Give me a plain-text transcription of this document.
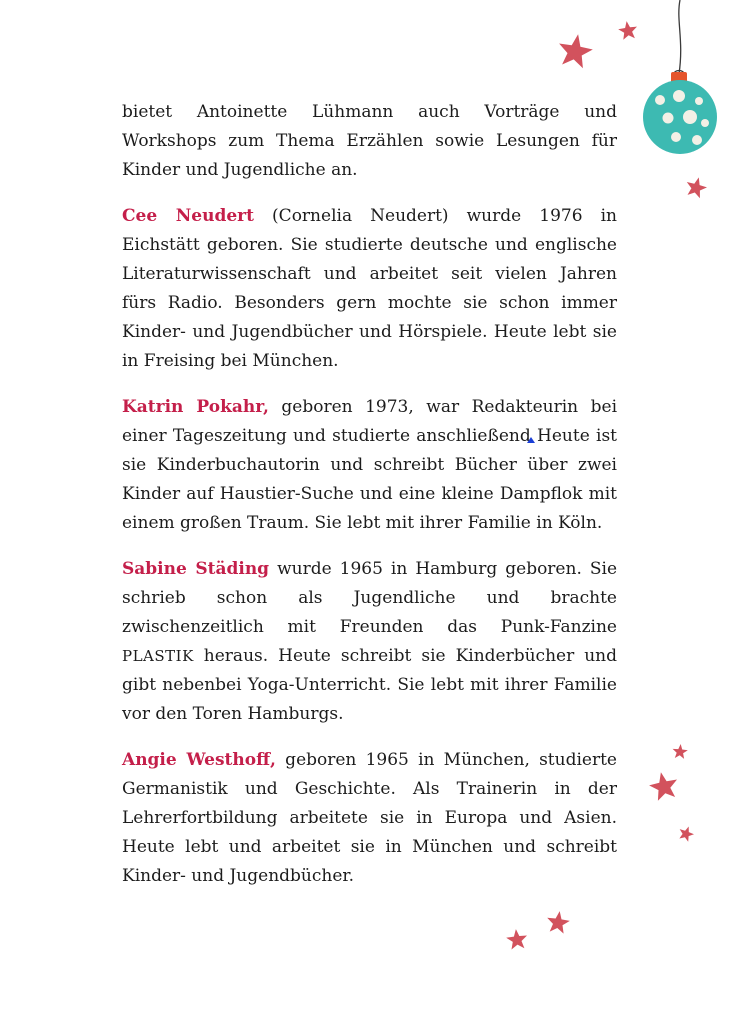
bietet Antoinette Lühmann auch Vorträge und Workshops zum Thema Erzählen sowie Lesungen für Kinder und Jugendliche an.

Cee Neudert (Cornelia Neudert) wurde 1976 in Eichstätt geboren. Sie studierte deutsche und englische Literaturwissenschaft und arbeitet seit vielen Jahren fürs Radio. Besonders gern mochte sie schon immer Kinder- und Jugendbücher und Hörspiele. Heute lebt sie in Freising bei München.

Katrin Pokahr, geboren 1973, war Redakteurin bei einer Tageszeitung und studierte anschließend Heute ist sie Kinderbuchautorin und schreibt Bücher über zwei Kinder auf Haustier-Suche und eine kleine Dampflok mit einem großen Traum. Sie lebt mit ihrer Familie in Köln.

Sabine Städing wurde 1965 in Hamburg geboren. Sie schrieb schon als Jugendliche und brachte zwischenzeitlich mit Freunden das Punk-Fanzine PLASTIK heraus. Heute schreibt sie Kinderbücher und gibt nebenbei Yoga-Unterricht. Sie lebt mit ihrer Familie vor den Toren Hamburgs.

Angie Westhoff, geboren 1965 in München, studierte Germanistik und Geschichte. Als Trainerin in der Lehrerfortbildung arbeitete sie in Europa und Asien. Heute lebt und arbeitet sie in München und schreibt Kinder- und Jugendbücher.
